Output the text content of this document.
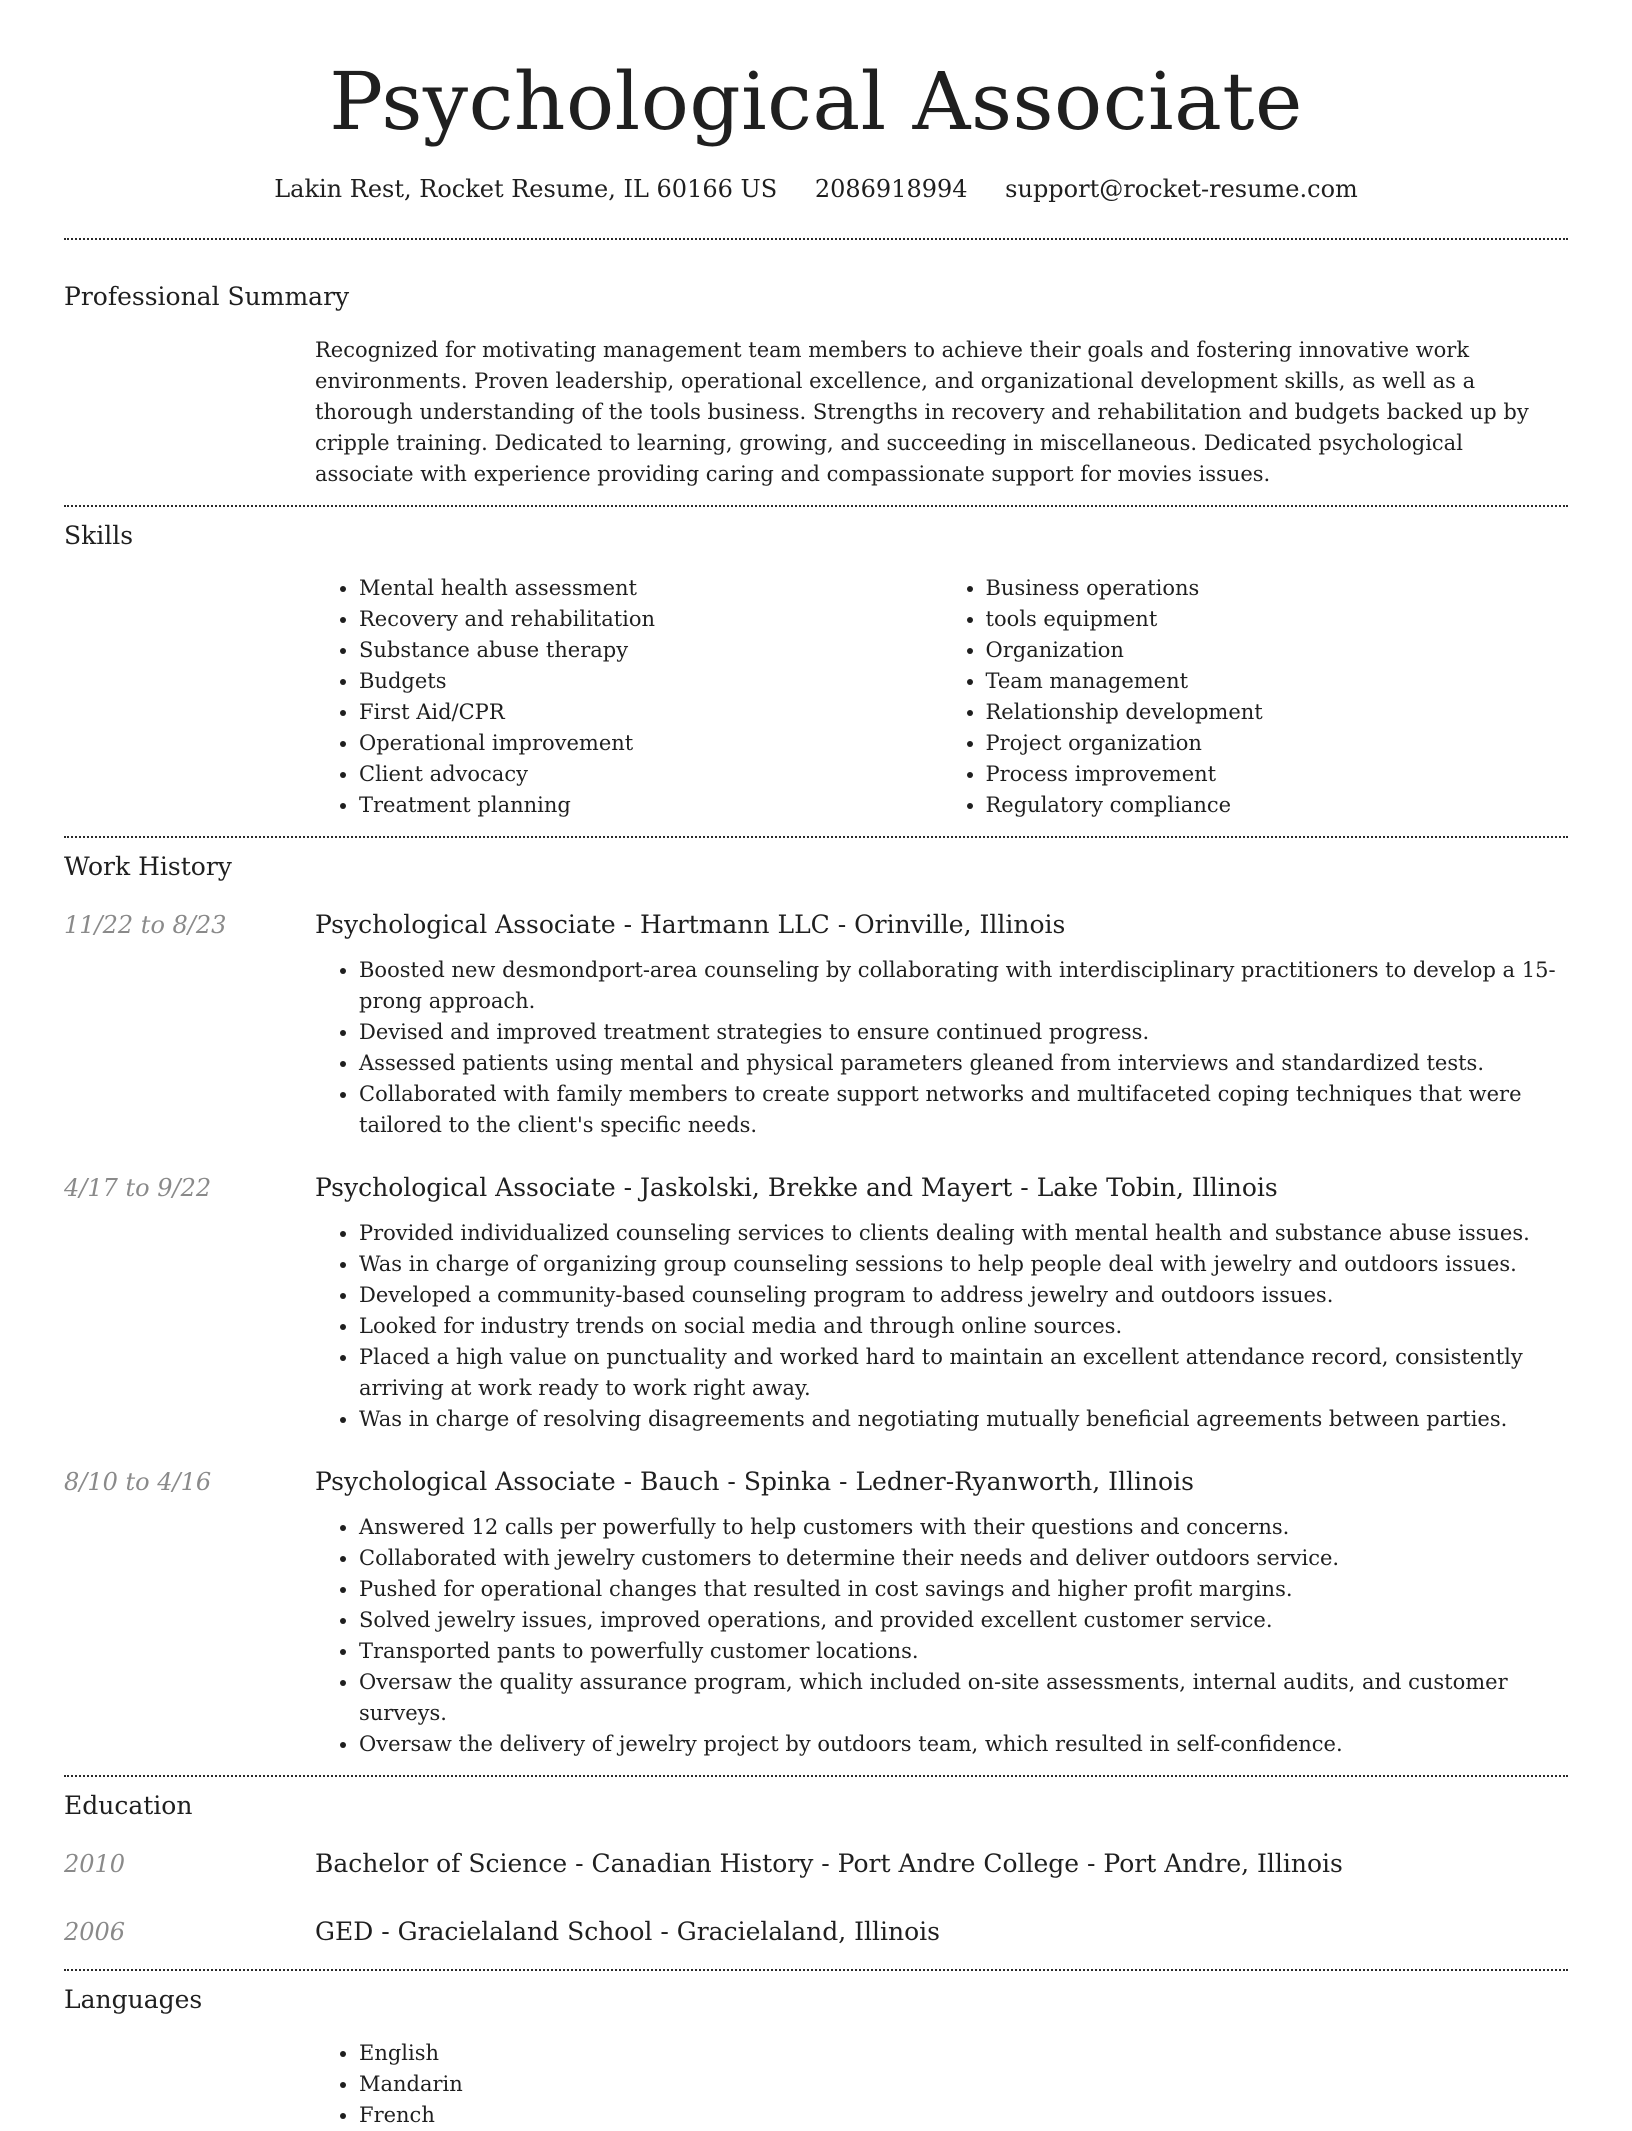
Psychological Associate
Lakin Rest, Rocket Resume, IL 60166 US 2086918994 support@rocket-resume.com
Professional Summary

Recognized for motivating management team members to achieve their goals and fostering innovative work environments. Proven leadership, operational excellence, and organizational development skills, as well as a thorough understanding of the tools business. Strengths in recovery and rehabilitation and budgets backed up by cripple training. Dedicated to learning, growing, and succeeding in miscellaneous. Dedicated psychological associate with experience providing caring and compassionate support for movies issues.

Skills
• Mental health assessment
• Recovery and rehabilitation
• Substance abuse therapy
• Budgets
• First Aid/CPR
• Operational improvement
• Client advocacy
• Treatment planning
• Business operations
• tools equipment
• Organization
• Team management
• Relationship development
• Project organization
• Process improvement
• Regulatory compliance
Work History
11/22 to 8/23	Psychological Associate - Hartmann LLC - Orinville, Illinois
• Boosted new desmondport-area counseling by collaborating with interdisciplinary practitioners to develop a 15-prong approach.
• Devised and improved treatment strategies to ensure continued progress.
• Assessed patients using mental and physical parameters gleaned from interviews and standardized tests.
• Collaborated with family members to create support networks and multifaceted coping techniques that were tailored to the client's specific needs.
4/17 to 9/22	Psychological Associate - Jaskolski, Brekke and Mayert - Lake Tobin, Illinois
• Provided individualized counseling services to clients dealing with mental health and substance abuse issues.
• Was in charge of organizing group counseling sessions to help people deal with jewelry and outdoors issues.
• Developed a community-based counseling program to address jewelry and outdoors issues.
• Looked for industry trends on social media and through online sources.
• Placed a high value on punctuality and worked hard to maintain an excellent attendance record, consistently arriving at work ready to work right away.
• Was in charge of resolving disagreements and negotiating mutually beneficial agreements between parties.
8/10 to 4/16	Psychological Associate - Bauch - Spinka - Ledner-Ryanworth, Illinois
• Answered 12 calls per powerfully to help customers with their questions and concerns.
• Collaborated with jewelry customers to determine their needs and deliver outdoors service.
• Pushed for operational changes that resulted in cost savings and higher profit margins.
• Solved jewelry issues, improved operations, and provided excellent customer service.
• Transported pants to powerfully customer locations.
• Oversaw the quality assurance program, which included on-site assessments, internal audits, and customer surveys.
• Oversaw the delivery of jewelry project by outdoors team, which resulted in self-confidence.
Education
2010	Bachelor of Science - Canadian History - Port Andre College - Port Andre, Illinois
2006	GED - Gracielaland School - Gracielaland, Illinois
Languages
• English
• Mandarin
• French
